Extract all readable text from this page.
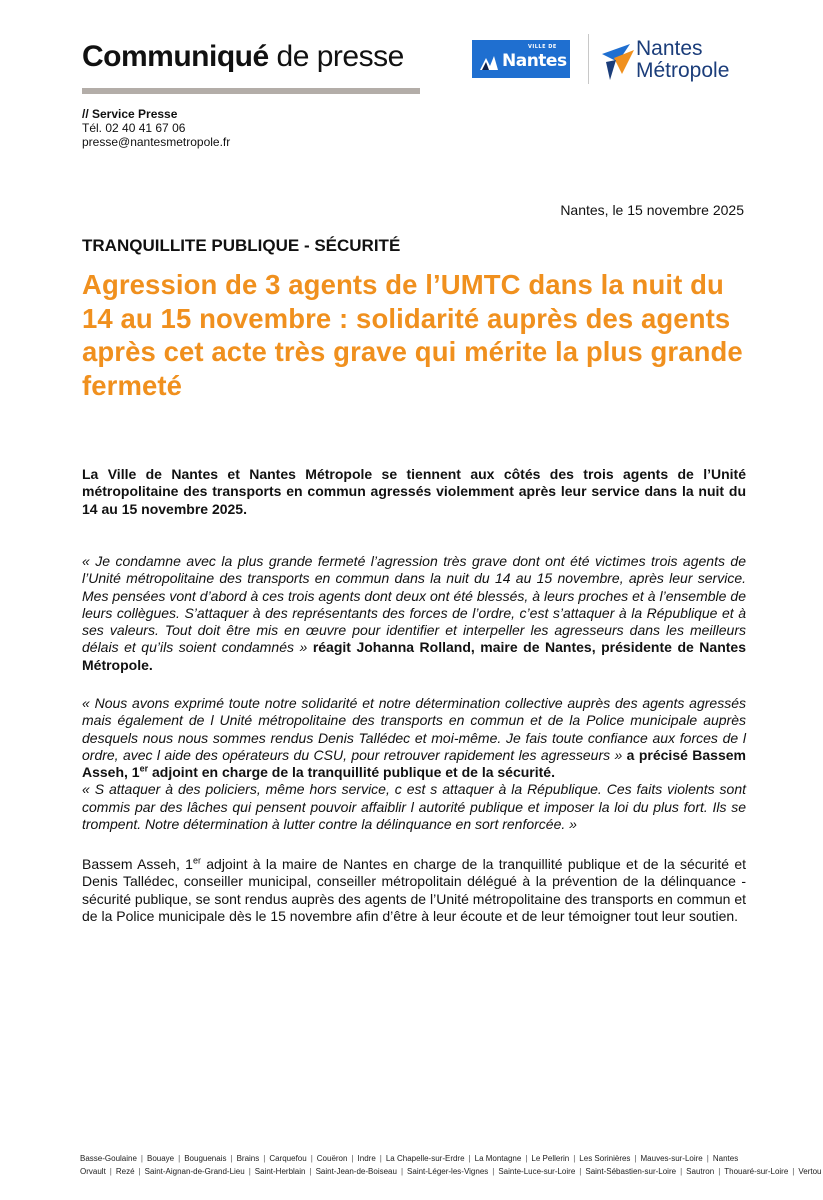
Communiqué de presse	VILLE DE
Nantes
Nantes
Métropole
// Service Presse
Tél. 02 40 41 67 06
presse@nantesmetropole.fr
Nantes, le 15 novembre 2025
TRANQUILLITE PUBLIQUE - SÉCURITÉ
Agression de 3 agents de l’UMTC dans la nuit du 14 au 15 novembre : solidarité auprès des agents après cet acte très grave qui mérite la plus grande fermeté
La Ville de Nantes et Nantes Métropole se tiennent aux côtés des trois agents de l’Unité métropolitaine des transports en commun agressés violemment après leur service dans la nuit du 14 au 15 novembre 2025.
« Je condamne avec la plus grande fermeté l’agression très grave dont ont été victimes trois agents de l’Unité métropolitaine des transports en commun dans la nuit du 14 au 15 novembre, après leur service. Mes pensées vont d’abord à ces trois agents dont deux ont été blessés, à leurs proches et à l’ensemble de leurs collègues. S’attaquer à des représentants des forces de l’ordre, c’est s’attaquer à la République et à ses valeurs. Tout doit être mis en œuvre pour identifier et interpeller les agresseurs dans les meilleurs délais et qu’ils soient condamnés » réagit Johanna Rolland, maire de Nantes, présidente de Nantes Métropole.
« Nous avons exprimé toute notre solidarité et notre détermination collective auprès des agents agressés mais également de l Unité métropolitaine des transports en commun et de la Police municipale auprès desquels nous nous sommes rendus Denis Tallédec et moi-même. Je fais toute confiance aux forces de l ordre, avec l aide des opérateurs du CSU, pour retrouver rapidement les agresseurs » a précisé Bassem Asseh, 1er adjoint en charge de la tranquillité publique et de la sécurité.
« S attaquer à des policiers, même hors service, c est s attaquer à la République. Ces faits violents sont commis par des lâches qui pensent pouvoir affaiblir l autorité publique et imposer la loi du plus fort. Ils se trompent. Notre détermination à lutter contre la délinquance en sort renforcée. »
Bassem Asseh, 1er adjoint à la maire de Nantes en charge de la tranquillité publique et de la sécurité et Denis Tallédec, conseiller municipal, conseiller métropolitain délégué à la prévention de la délinquance - sécurité publique, se sont rendus auprès des agents de l’Unité métropolitaine des transports en commun et de la Police municipale dès le 15 novembre afin d’être à leur écoute et de leur témoigner tout leur soutien.
Basse-Goulaine | Bouaye | Bouguenais | Brains | Carquefou | Couëron | Indre | La Chapelle-sur-Erdre | La Montagne | Le Pellerin | Les Sorinières | Mauves-sur-Loire | Nantes
Orvault | Rezé | Saint-Aignan-de-Grand-Lieu | Saint-Herblain | Saint-Jean-de-Boiseau | Saint-Léger-les-Vignes | Sainte-Luce-sur-Loire | Saint-Sébastien-sur-Loire | Sautron | Thouaré-sur-Loire | Vertou
